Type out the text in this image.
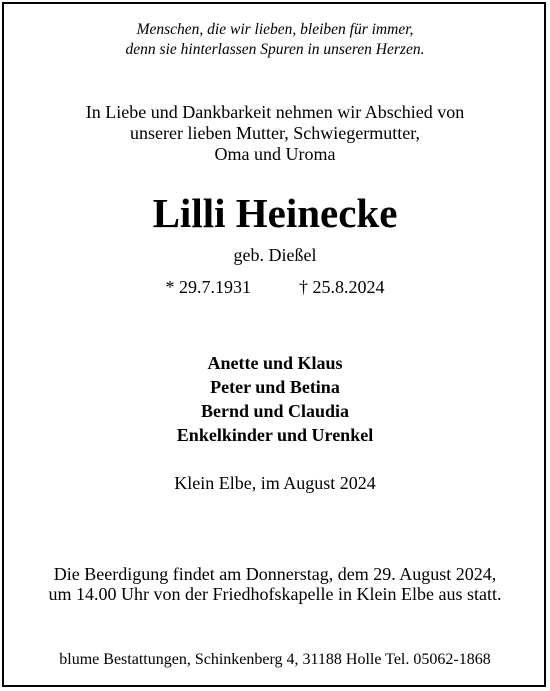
Menschen, die wir lieben, bleiben für immer,

denn sie hinterlassen Spuren in unseren Herzen.

In Liebe und Dankbarkeit nehmen wir Abschied von

unserer lieben Mutter, Schwiegermutter,

Oma und Uroma

Lilli Heinecke

geb. Dießel

* 29.7.1931	† 25.8.2024

Anette und Klaus

Peter und Betina

Bernd und Claudia

Enkelkinder und Urenkel

Klein Elbe, im August 2024

Die Beerdigung findet am Donnerstag, dem 29. August 2024,

um 14.00 Uhr von der Friedhofskapelle in Klein Elbe aus statt.

blume Bestattungen, Schinkenberg 4, 31188 Holle Tel. 05062-1868
